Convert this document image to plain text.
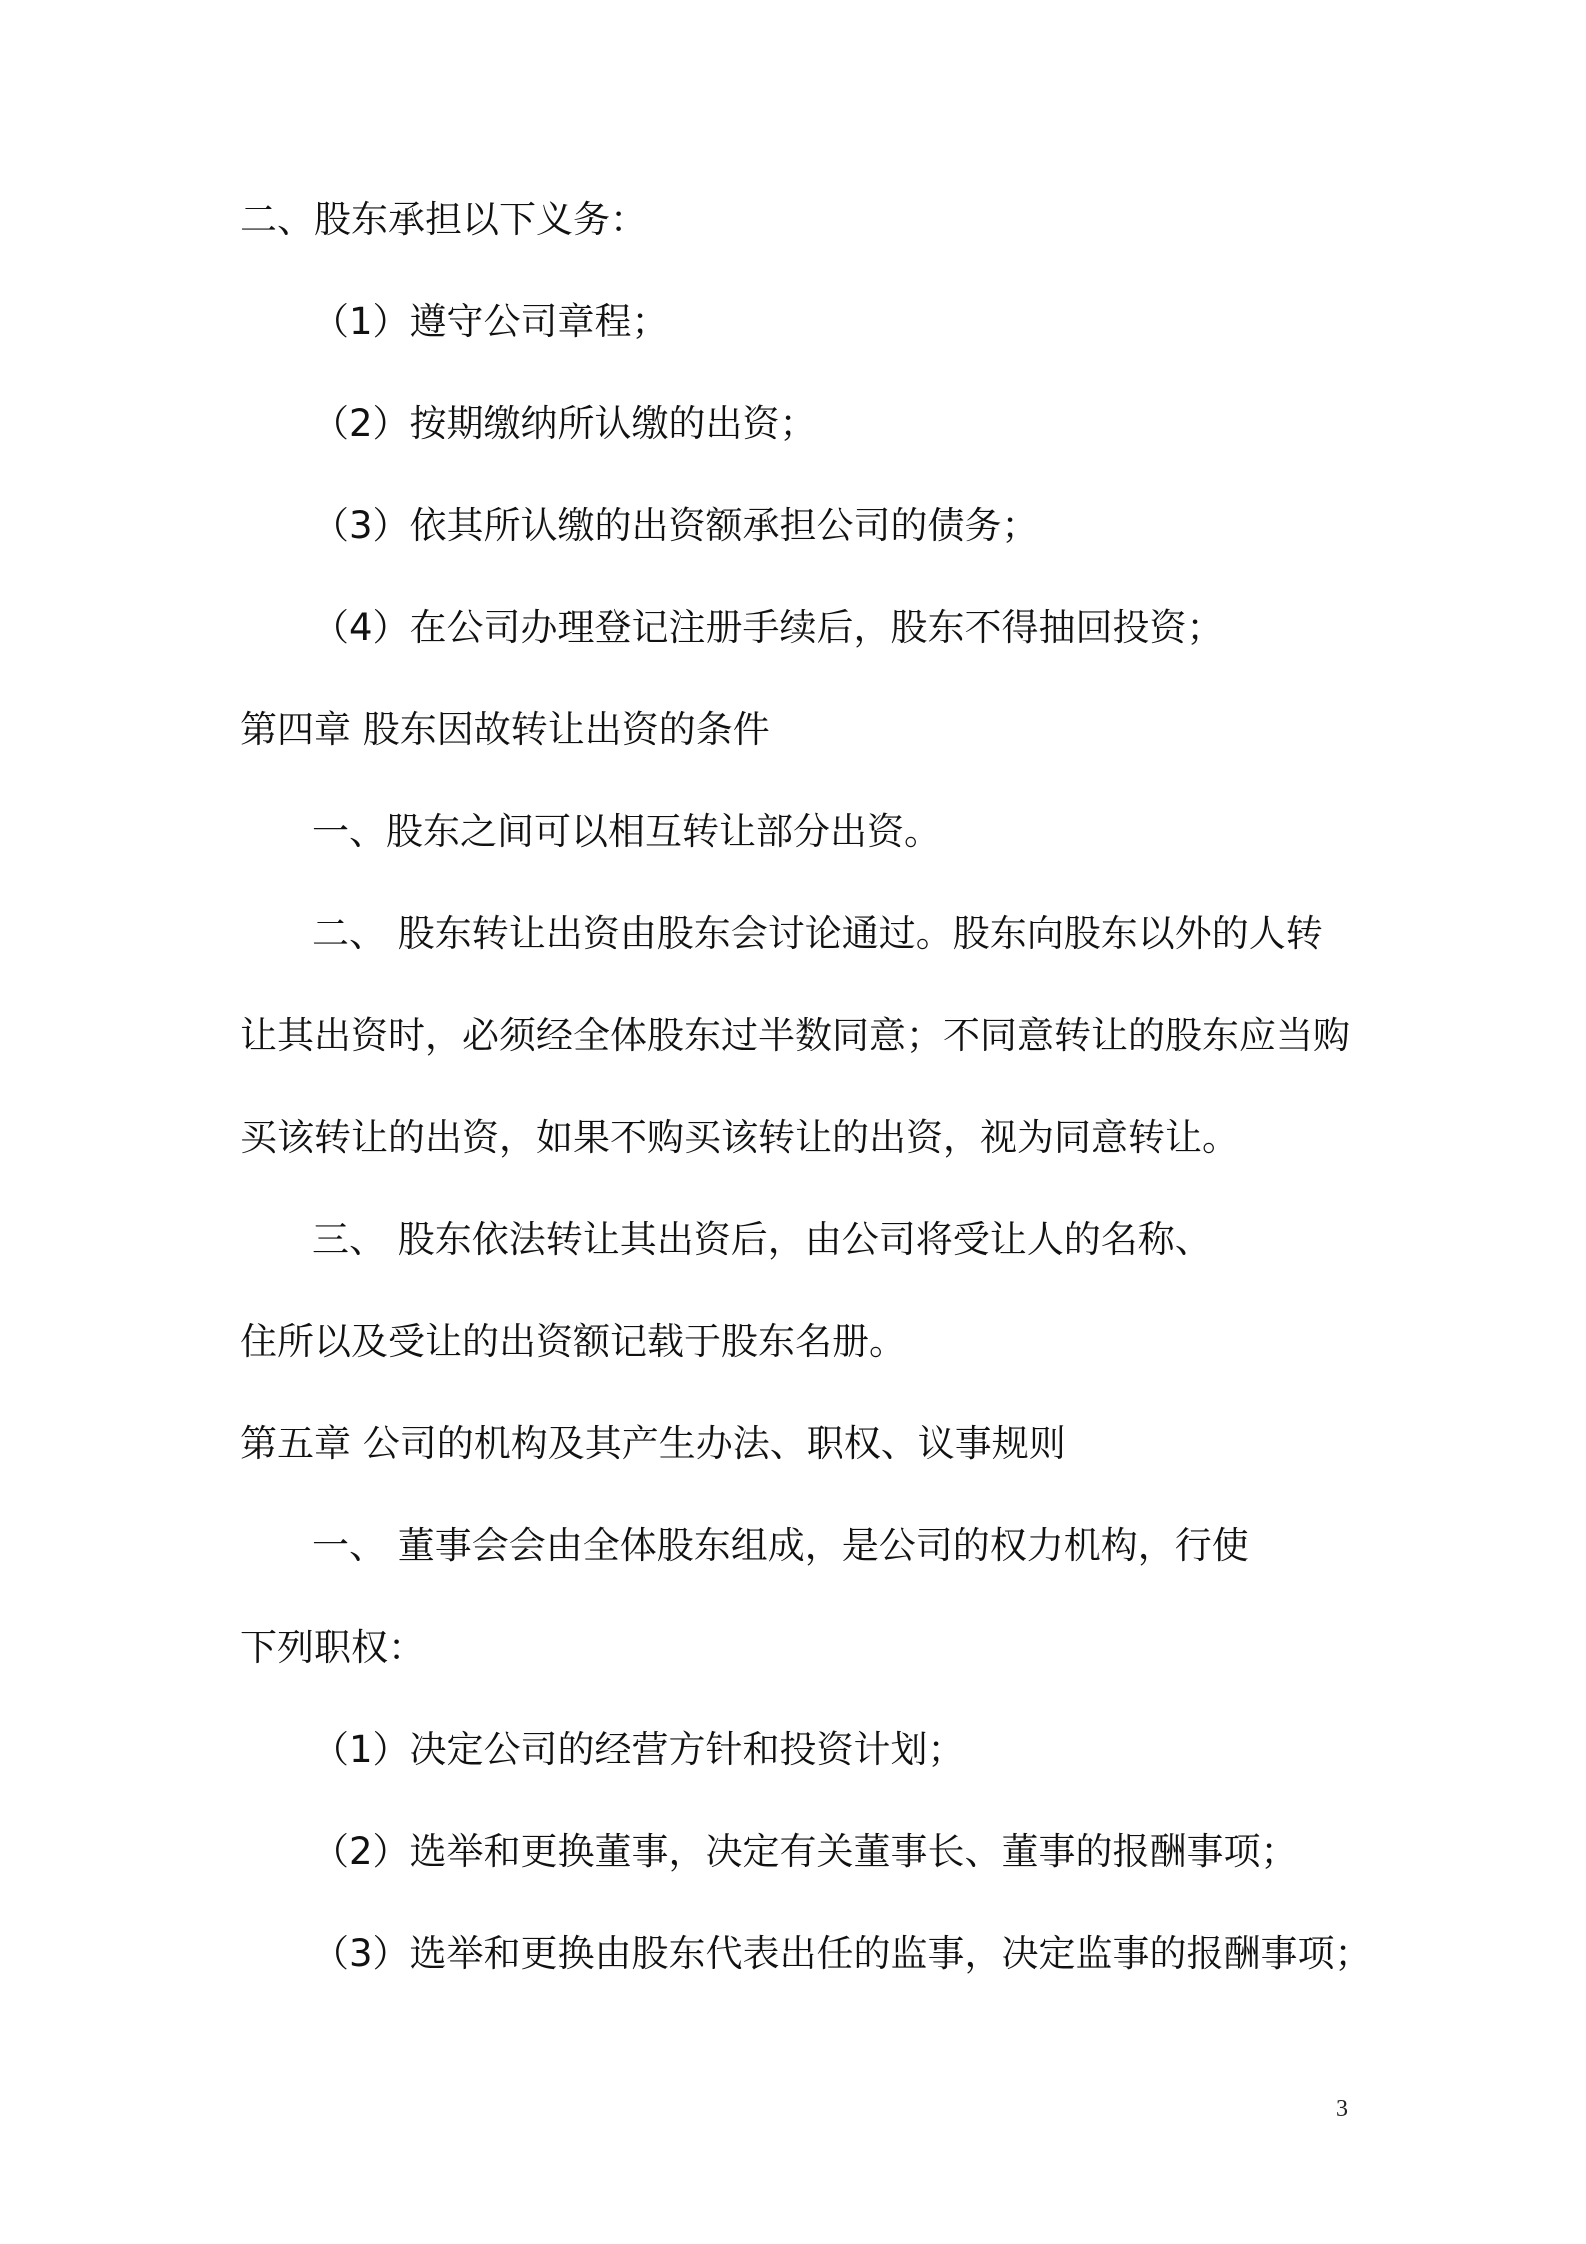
二、股东承担以下义务：
（1）遵守公司章程；
（2）按期缴纳所认缴的出资；
（3）依其所认缴的出资额承担公司的债务；
（4）在公司办理登记注册手续后，股东不得抽回投资；
第四章 股东因故转让出资的条件
一、股东之间可以相互转让部分出资。
二、 股东转让出资由股东会讨论通过。股东向股东以外的人转
让其出资时，必须经全体股东过半数同意；不同意转让的股东应当购
买该转让的出资，如果不购买该转让的出资，视为同意转让。
三、 股东依法转让其出资后，由公司将受让人的名称、
住所以及受让的出资额记载于股东名册。
第五章 公司的机构及其产生办法、职权、议事规则
一、 董事会会由全体股东组成，是公司的权力机构，行使
下列职权：
（1）决定公司的经营方针和投资计划；
（2）选举和更换董事，决定有关董事长、董事的报酬事项；
（3）选举和更换由股东代表出任的监事，决定监事的报酬事项；
3
